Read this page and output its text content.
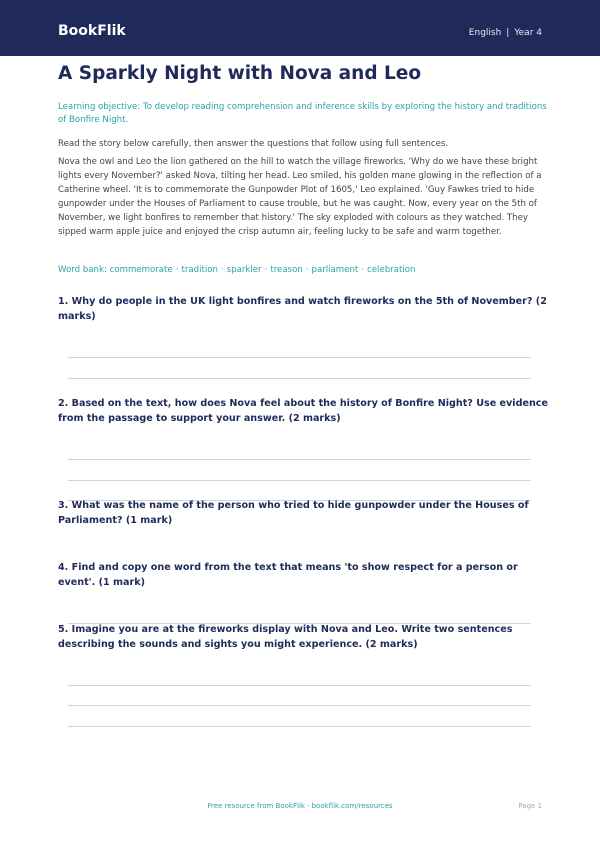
BookFlik	English | Year 4
A Sparkly Night with Nova and Leo
Learning objective: To develop reading comprehension and inference skills by exploring the history and traditions of Bonfire Night.
Read the story below carefully, then answer the questions that follow using full sentences.
Nova the owl and Leo the lion gathered on the hill to watch the village fireworks. 'Why do we have these bright lights every November?' asked Nova, tilting her head. Leo smiled, his golden mane glowing in the reflection of a Catherine wheel. 'It is to commemorate the Gunpowder Plot of 1605,' Leo explained. 'Guy Fawkes tried to hide gunpowder under the Houses of Parliament to cause trouble, but he was caught. Now, every year on the 5th of November, we light bonfires to remember that history.' The sky exploded with colours as they watched. They sipped warm apple juice and enjoyed the crisp autumn air, feeling lucky to be safe and warm together.
Word bank: commemorate · tradition · sparkler · treason · parliament · celebration
1. Why do people in the UK light bonfires and watch fireworks on the 5th of November? (2 marks)
2. Based on the text, how does Nova feel about the history of Bonfire Night? Use evidence from the passage to support your answer. (2 marks)
3. What was the name of the person who tried to hide gunpowder under the Houses of Parliament? (1 mark)
4. Find and copy one word from the text that means 'to show respect for a person or event'. (1 mark)
5. Imagine you are at the fireworks display with Nova and Leo. Write two sentences describing the sounds and sights you might experience. (2 marks)
Free resource from BookFlik · bookflik.com/resources	Page 1
